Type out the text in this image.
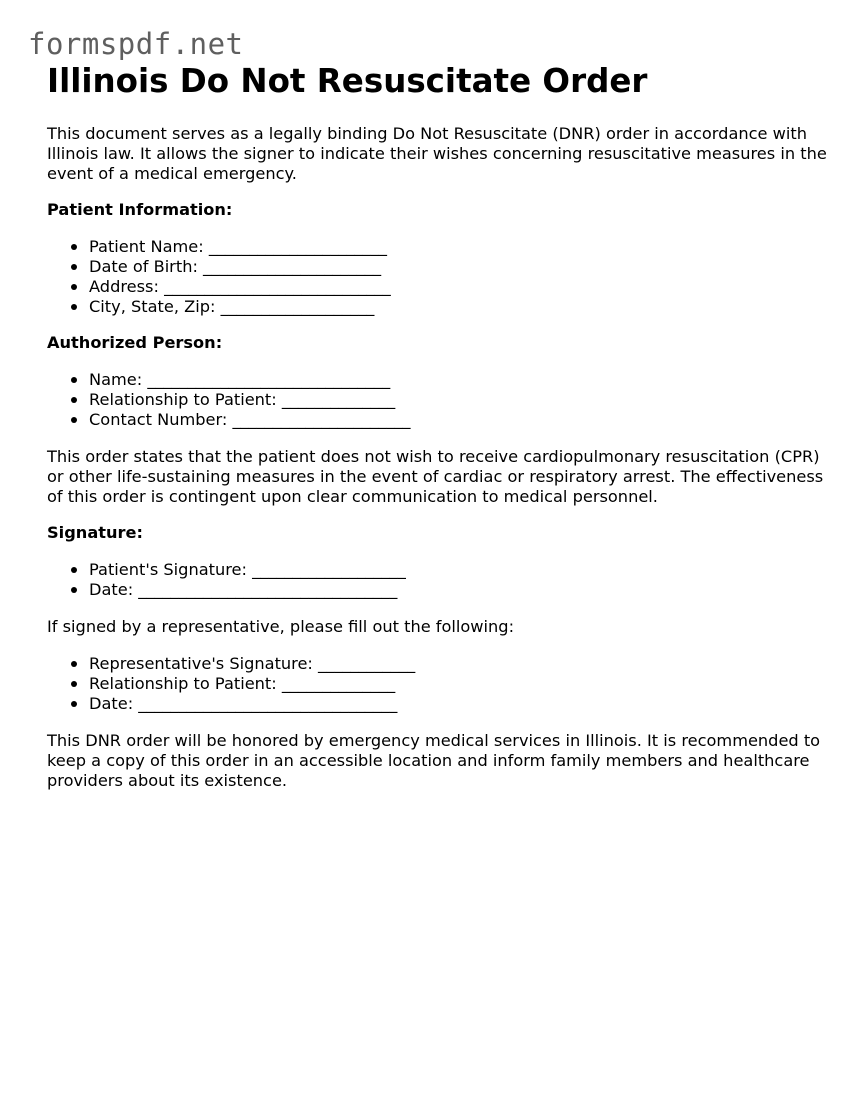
formspdf.net
Illinois Do Not Resuscitate Order

This document serves as a legally binding Do Not Resuscitate (DNR) order in accordance with Illinois law. It allows the signer to indicate their wishes concerning resuscitative measures in the event of a medical emergency.

Patient Information:

Patient Name: ______________________
Date of Birth: ______________________
Address: ____________________________
City, State, Zip: ___________________

Authorized Person:

Name: ______________________________
Relationship to Patient: ______________
Contact Number: ______________________

This order states that the patient does not wish to receive cardiopulmonary resuscitation (CPR) or other life-sustaining measures in the event of cardiac or respiratory arrest. The effectiveness of this order is contingent upon clear communication to medical personnel.

Signature:

Patient's Signature: ___________________
Date: ________________________________

If signed by a representative, please fill out the following:

Representative's Signature: ____________
Relationship to Patient: ______________
Date: ________________________________

This DNR order will be honored by emergency medical services in Illinois. It is recommended to keep a copy of this order in an accessible location and inform family members and healthcare providers about its existence.
